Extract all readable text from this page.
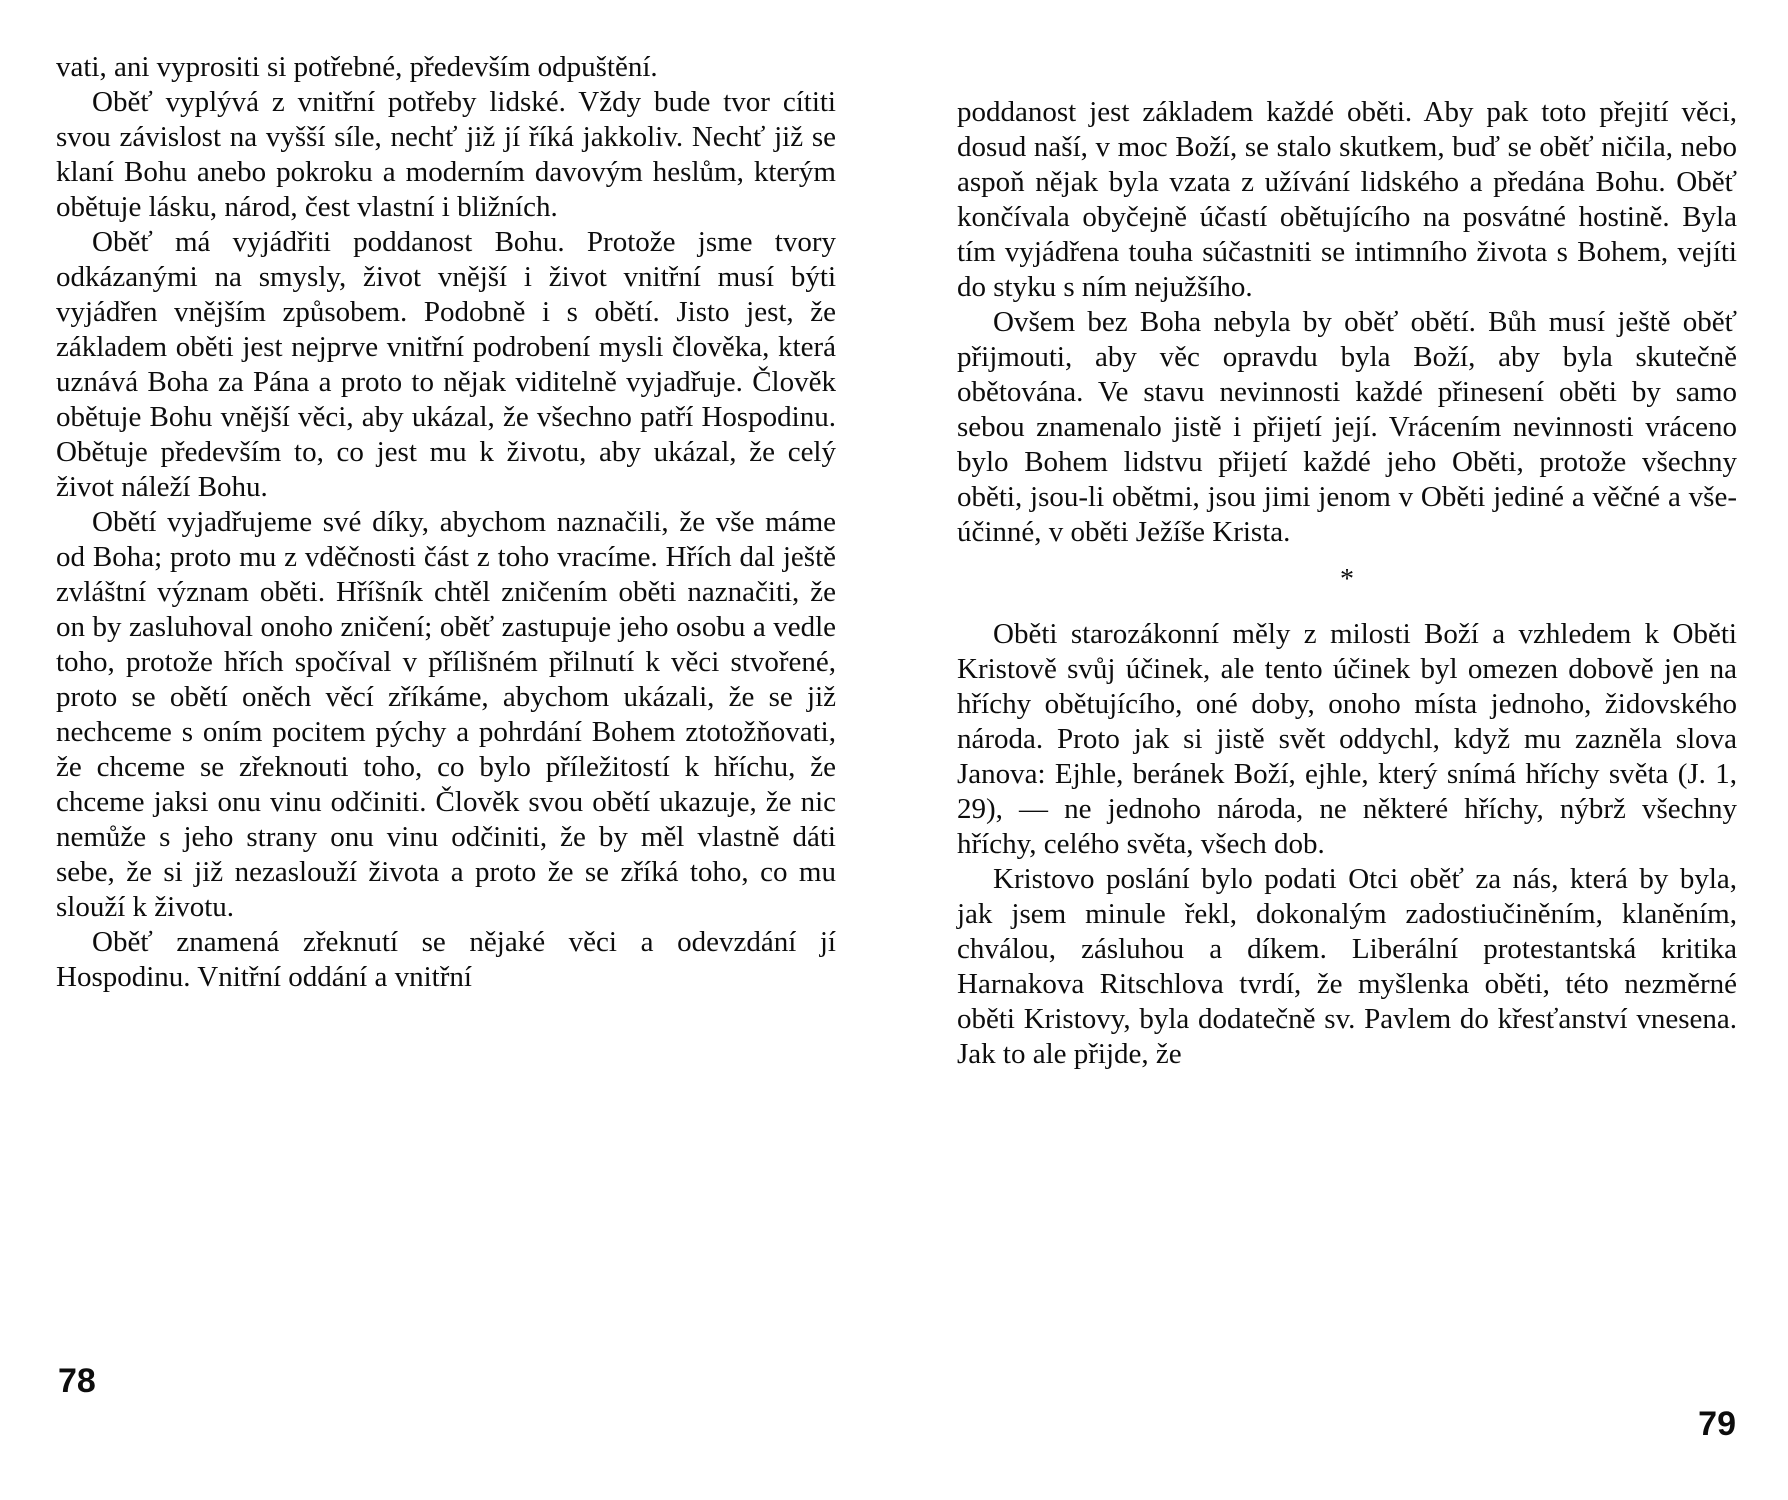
vati, ani vyprositi si potřebné, především odpuštění.

Oběť vyplývá z vnitřní potřeby lidské. Vždy bude tvor cítiti svou závislost na vyšší síle, nechť již jí říká jakkoliv. Nechť již se klaní Bohu anebo pokroku a moderním davovým heslům, kterým obětuje lásku, národ, čest vlastní i bližních.

Oběť má vyjádřiti poddanost Bohu. Protože jsme tvory odkázanými na smysly, život vnější i život vnitřní musí býti vyjádřen vnějším způsobem. Podobně i s obětí. Jisto jest, že základem oběti jest nejprve vnitřní podrobení mysli člověka, která uznává Boha za Pána a proto to nějak viditelně vyjadřuje. Člověk obětuje Bohu vnější věci, aby ukázal, že všechno patří Hospodinu. Obětuje především to, co jest mu k životu, aby ukázal, že celý život náleží Bohu.

Obětí vyjadřujeme své díky, abychom naznačili, že vše máme od Boha; proto mu z vděčnosti část z toho vracíme. Hřích dal ještě zvláštní význam oběti. Hříšník chtěl zničením oběti naznačiti, že on by zasluhoval onoho zničení; oběť zastupuje jeho osobu a vedle toho, protože hřích spočíval v přílišném přilnutí k věci stvořené, proto se obětí oněch věcí zříkáme, abychom ukázali, že se již nechceme s oním pocitem pýchy a pohrdání Bohem ztotožňovati, že chceme se zřeknouti toho, co bylo příležitostí k hříchu, že chceme jaksi onu vinu odčiniti. Člověk svou obětí ukazuje, že nic nemůže s jeho strany onu vinu odčiniti, že by měl vlastně dáti sebe, že si již nezaslouží života a proto že se zříká toho, co mu slouží k životu.

Oběť znamená zřeknutí se nějaké věci a odevzdání jí Hospodinu. Vnitřní oddání a vnitřní

78

poddanost jest základem každé oběti. Aby pak toto přejití věci, dosud naší, v moc Boží, se stalo skutkem, buď se oběť ničila, nebo aspoň nějak byla vzata z užívání lidského a předána Bohu. Oběť končívala obyčejně účastí obětujícího na posvátné hostině. Byla tím vyjádřena touha súčastniti se intimního života s Bohem, vejíti do styku s ním nejužšího.

Ovšem bez Boha nebyla by oběť obětí. Bůh musí ještě oběť přijmouti, aby věc opravdu byla Boží, aby byla skutečně obětována. Ve stavu nevinnosti každé přinesení oběti by samo sebou znamenalo jistě i přijetí její. Vrácením nevinnosti vráceno bylo Bohem lidstvu přijetí každé jeho Oběti, protože všechny oběti, jsou-li obětmi, jsou jimi jenom v Oběti jediné a věčné a vše-účinné, v oběti Ježíše Krista.

*

Oběti starozákonní měly z milosti Boží a vzhledem k Oběti Kristově svůj účinek, ale tento účinek byl omezen dobově jen na hříchy obětujícího, oné doby, onoho místa jednoho, židovského národa. Proto jak si jistě svět oddychl, když mu zazněla slova Janova: Ejhle, beránek Boží, ejhle, který snímá hříchy světa (J. 1, 29), — ne jednoho národa, ne některé hříchy, nýbrž všechny hříchy, celého světa, všech dob.

Kristovo poslání bylo podati Otci oběť za nás, která by byla, jak jsem minule řekl, dokonalým zadostiučiněním, klaněním, chválou, zásluhou a díkem. Liberální protestantská kritika Harnakova Ritschlova tvrdí, že myšlenka oběti, této nezměrné oběti Kristovy, byla dodatečně sv. Pavlem do křesťanství vnesena. Jak to ale přijde, že

79
